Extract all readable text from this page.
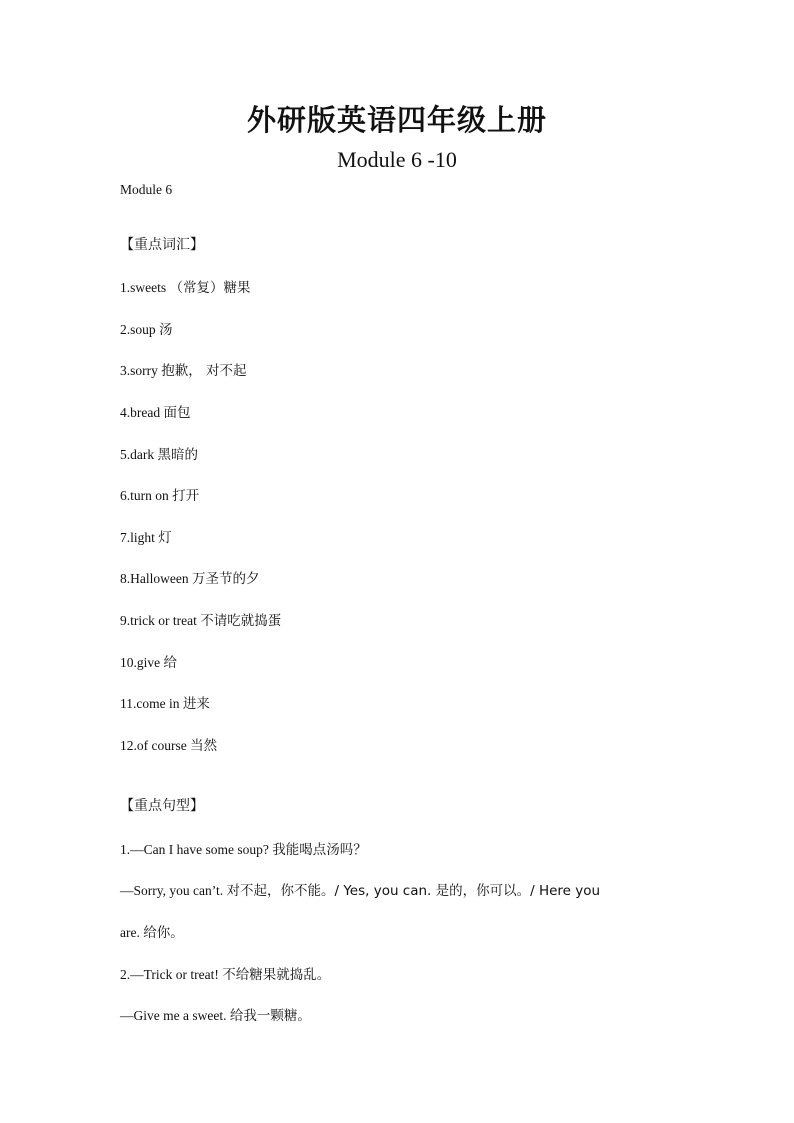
外研版英语四年级上册
Module 6 -10
Module 6
【重点词汇】
1.sweets （常复）糖果
2.soup 汤
3.sorry 抱歉， 对不起
4.bread 面包
5.dark 黑暗的
6.turn on 打开
7.light 灯
8.Halloween 万圣节的夕
9.trick or treat 不请吃就捣蛋
10.give 给
11.come in 进来
12.of course 当然
【重点句型】
1.—Can I have some soup? 我能喝点汤吗？
—Sorry, you can’t. 对不起，你不能。/ Yes, you can. 是的，你可以。/ Here you
are. 给你。
2.—Trick or treat! 不给糖果就捣乱。
—Give me a sweet. 给我一颗糖。
